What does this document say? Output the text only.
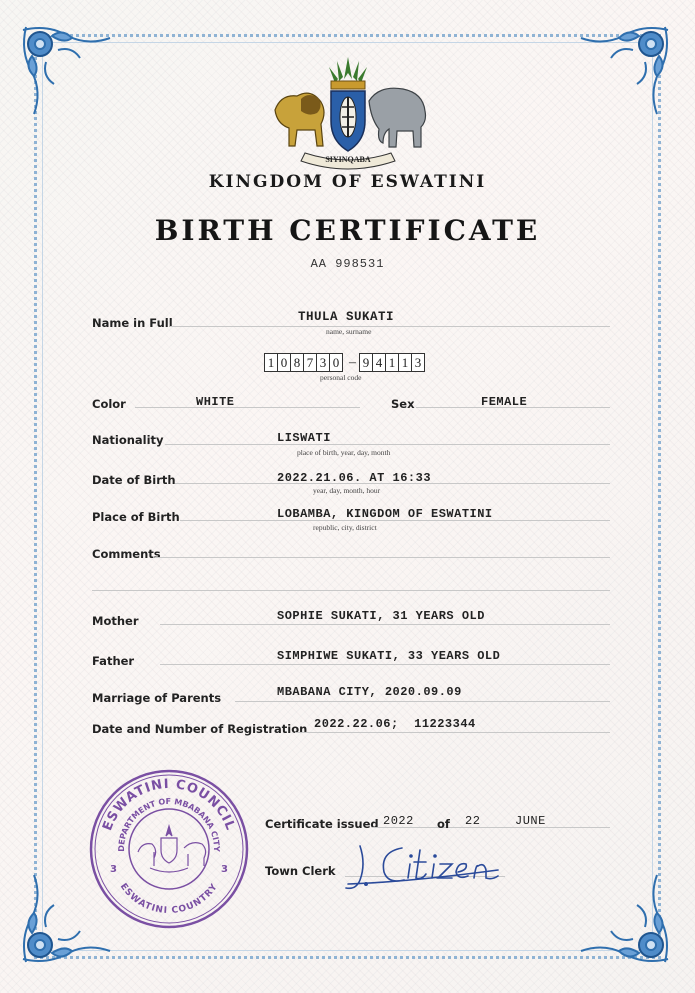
SIYINQABA
KINGDOM OF ESWATINI
BIRTH CERTIFICATE
AA 998531
Name in Full	THULA SUKATI
name, surname
1 0 8 7 3 0 – 9 4 1 1 3
personal code
Color	WHITE	Sex	FEMALE
Nationality	LISWATI
place of birth, year, day, month
Date of Birth	2022.21.06. AT 16:33
year, day, month, hour
Place of Birth	LOBAMBA, KINGDOM OF ESWATINI
republic, city, district
Comments
Mother	SOPHIE SUKATI, 31 YEARS OLD
Father	SIMPHIWE SUKATI, 33 YEARS OLD
Marriage of Parents	MBABANA CITY, 2020.09.09
Date and Number of Registration 2022.22.06;  11223344
ESWATINI COUNCIL
DEPARTMENT OF MBABANA CITY
ESWATINI COUNTRY
3	3
Certificate issued 2022 of 22	JUNE
Town Clerk
